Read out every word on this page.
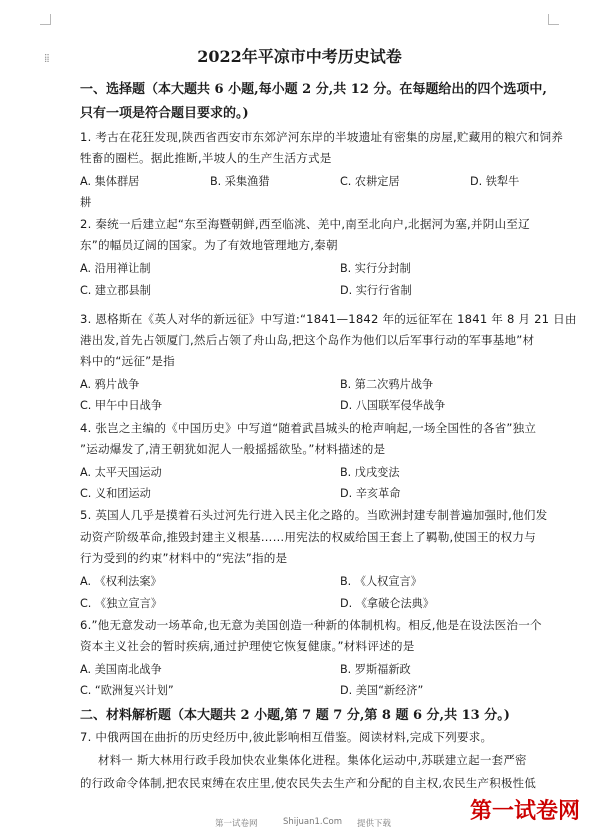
⁞⁞	2022年平凉市中考历史试卷
一、选择题（本大题共 6 小题,每小题 2 分,共 12 分。在每题给出的四个选项中,
只有一项是符合题目要求的。)
1. 考古在花狂发现,陕西省西安市东郊浐河东岸的半坡遗址有密集的房屋,贮藏用的粮穴和饲养
牲畜的圈栏。据此推断,半坡人的生产生活方式是
A. 集体群居	B. 采集渔猎	C. 农耕定居	D. 铁犁牛
耕
2. 秦统一后建立起“东至海暨朝鲜,西至临洮、羌中,南至北向户,北据河为塞,并阴山至辽
东”的幅员辽阔的国家。为了有效地管理地方,秦朝
A. 沿用禅让制	B. 实行分封制
C. 建立郡县制	D. 实行行省制
3. 恩格斯在《英人对华的新远征》中写道:“1841—1842 年的远征军在 1841 年 8 月 21 日由
港出发,首先占领厦门,然后占领了舟山岛,把这个岛作为他们以后军事行动的军事基地”材
料中的“远征”是指
A. 鸦片战争	B. 第二次鸦片战争
C. 甲午中日战争	D. 八国联军侵华战争
4. 张岂之主编的《中国历史》中写道“随着武昌城头的枪声响起,一场全国性的各省”独立
”运动爆发了,清王朝犹如泥人一般摇摇欲坠。”材料描述的是
A. 太平天国运动	B. 戊戌变法
C. 义和团运动	D. 辛亥革命
5. 英国人几乎是摸着石头过河先行进入民主化之路的。当欧洲封建专制普遍加强时,他们发
动资产阶级革命,推毁封建主义根基……用宪法的权威给国王套上了羁勒,使国王的权力与
行为受到的约束”材料中的“宪法”指的是
A. 《权利法案》	B. 《人权宣言》
C. 《独立宣言》	D. 《拿破仑法典》
6.”他无意发动一场革命,也无意为美国创造一种新的体制机构。相反,他是在设法医治一个
资本主义社会的暂时疾病,通过护理使它恢复健康。”材料评述的是
A. 美国南北战争	B. 罗斯福新政
C. “欧洲复兴计划”	D. 美国“新经济”
二、材料解析题（本大题共 2 小题,第 7 题 7 分,第 8 题 6 分,共 13 分。)
7. 中俄两国在曲折的历史经历中,彼此影响相互借鉴。阅读材料,完成下列要求。
材料一 斯大林用行政手段加快农业集体化进程。集体化运动中,苏联建立起一套严密
的行政命令体制,把农民束缚在农庄里,使农民失去生产和分配的自主权,农民生产积极性低
第一试卷网	Shijuan1.Com 提供下载	第一试卷网
